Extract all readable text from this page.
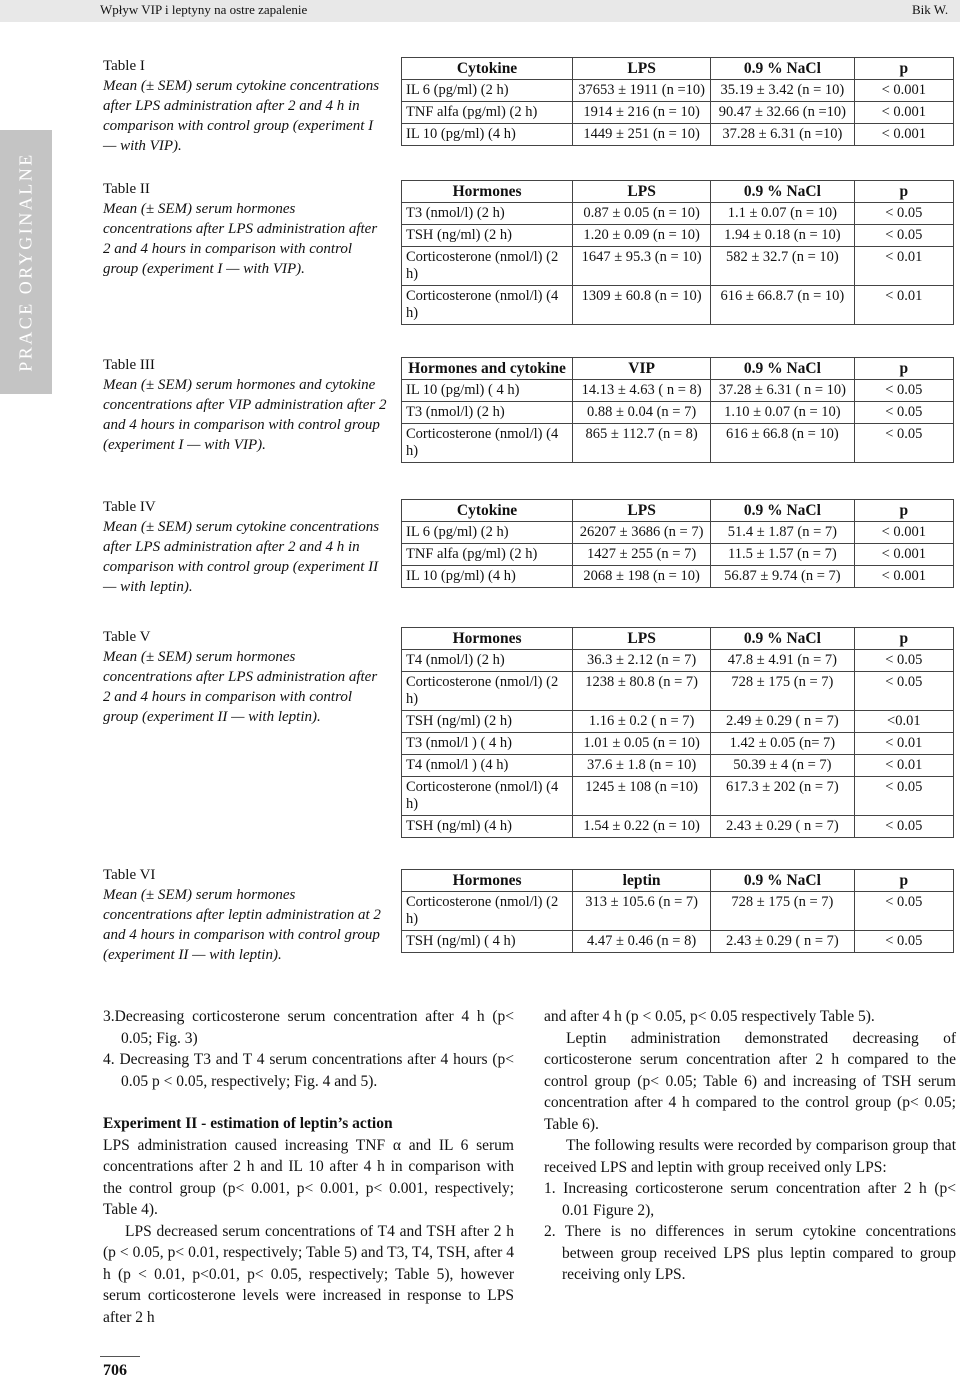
Wpływ VIP i leptyny na ostre zapalenie	Bik W.
PRACE ORYGINALNE
Table I
Mean (± SEM) serum cytokine concentrations after LPS administration after 2 and 4 h in comparison with control group (experiment I — with VIP).
Table II
Mean (± SEM) serum hormones concentrations after LPS administration after 2 and 4 hours in comparison with control group (experiment I — with VIP).
Table III
Mean (± SEM) serum hormones and cytokine concentrations after VIP administration after 2 and 4 hours in comparison with control group (experiment I — with VIP).
Table IV
Mean (± SEM) serum cytokine concentrations after LPS administration after 2 and 4 h in comparison with control group (experiment II — with leptin).
Table V
Mean (± SEM) serum hormones concentrations after LPS administration after 2 and 4 hours in comparison with control group (experiment II — with leptin).
Table VI
Mean (± SEM) serum hormones concentrations after leptin administration at 2 and 4 hours in comparison with control group (experiment II — with leptin).
Cytokine	LPS	0.9 % NaCl	p
IL 6 (pg/ml) (2 h)	37653 ± 1911 (n =10)	35.19 ± 3.42 (n = 10)	< 0.001
TNF alfa (pg/ml) (2 h)	1914 ± 216 (n = 10)	90.47 ± 32.66 (n =10)	< 0.001
IL 10 (pg/ml) (4 h)	1449 ± 251 (n = 10)	37.28 ± 6.31 (n =10)	< 0.001
Hormones	LPS	0.9 % NaCl	p
T3 (nmol/l) (2 h)	0.87 ± 0.05 (n = 10)	1.1 ± 0.07 (n = 10)	< 0.05
TSH (ng/ml) (2 h)	1.20 ± 0.09 (n = 10)	1.94 ± 0.18 (n = 10)	< 0.05
Corticosterone (nmol/l) (2 h)	1647 ± 95.3 (n = 10)	582 ± 32.7 (n = 10)	< 0.01
Corticosterone (nmol/l) (4 h)	1309 ± 60.8 (n = 10)	616 ± 66.8.7 (n = 10)	< 0.01
Hormones and cytokine	VIP	0.9 % NaCl	p
IL 10 (pg/ml) ( 4 h)	14.13 ± 4.63 ( n = 8)	37.28 ± 6.31 ( n = 10)	< 0.05
T3 (nmol/l) (2 h)	0.88 ± 0.04 (n = 7)	1.10 ± 0.07 (n = 10)	< 0.05
Corticosterone (nmol/l) (4 h)	865 ± 112.7 (n = 8)	616 ± 66.8 (n = 10)	< 0.05
Cytokine	LPS	0.9 % NaCl	p
IL 6 (pg/ml) (2 h)	26207 ± 3686 (n = 7)	51.4 ± 1.87 (n = 7)	< 0.001
TNF alfa (pg/ml) (2 h)	1427 ± 255 (n = 7)	11.5 ± 1.57 (n = 7)	< 0.001
IL 10 (pg/ml) (4 h)	2068 ± 198 (n = 10)	56.87 ± 9.74 (n = 7)	< 0.001
Hormones	LPS	0.9 % NaCl	p
T4 (nmol/l) (2 h)	36.3 ± 2.12 (n = 7)	47.8 ± 4.91 (n = 7)	< 0.05
Corticosterone (nmol/l) (2 h)	1238 ± 80.8 (n = 7)	728 ± 175 (n = 7)	< 0.05
TSH (ng/ml) (2 h)	1.16 ± 0.2 ( n = 7)	2.49 ± 0.29 ( n = 7)	<0.01
T3 (nmol/l ) ( 4 h)	1.01 ± 0.05 (n = 10)	1.42 ± 0.05 (n= 7)	< 0.01
T4 (nmol/l ) (4 h)	37.6 ± 1.8 (n = 10)	50.39 ± 4 (n = 7)	< 0.01
Corticosterone (nmol/l) (4 h)	1245 ± 108 (n =10)	617.3 ± 202 (n = 7)	< 0.05
TSH (ng/ml) (4 h)	1.54 ± 0.22 (n = 10)	2.43 ± 0.29 ( n = 7)	< 0.05
Hormones	leptin	0.9 % NaCl	p
Corticosterone (nmol/l) (2 h)	313 ± 105.6 (n = 7)	728 ± 175 (n = 7)	< 0.05
TSH (ng/ml) ( 4 h)	4.47 ± 0.46 (n = 8)	2.43 ± 0.29 ( n = 7)	< 0.05

3.Decreasing corticosterone serum concentration after 4 h (p< 0.05; Fig. 3)

4. Decreasing T3 and T 4 serum concentrations after 4 hours (p< 0.05 p < 0.05, respectively; Fig. 4 and 5).

Experiment II - estimation of leptin’s action

LPS administration caused increasing TNF α and IL 6 serum concentrations after 2 h and IL 10 after 4 h in comparison with the control group (p< 0.001, p< 0.001, p< 0.001, respectively; Table 4).

LPS decreased serum concentrations of T4 and TSH after 2 h (p < 0.05, p< 0.01, respectively; Table 5) and T3, T4, TSH, after 4 h (p < 0.01, p<0.01, p< 0.05, respectively; Table 5), however serum corticosterone levels were increased in response to LPS after 2 h

and after 4 h (p < 0.05, p< 0.05 respectively Table 5).

Leptin administration demonstrated decreasing of corticosterone serum concentration after 2 h compared to the control group (p< 0.05; Table 6) and increasing of TSH serum concentration after 4 h compared to the control group (p< 0.05; Table 6).

The following results were recorded by comparison group that received LPS and leptin with group received only LPS:

1. Increasing corticosterone serum concentration after 2 h (p< 0.01 Figure 2),

2. There is no differences in serum cytokine concentrations between group received LPS plus leptin compared to group receiving only LPS.

706
